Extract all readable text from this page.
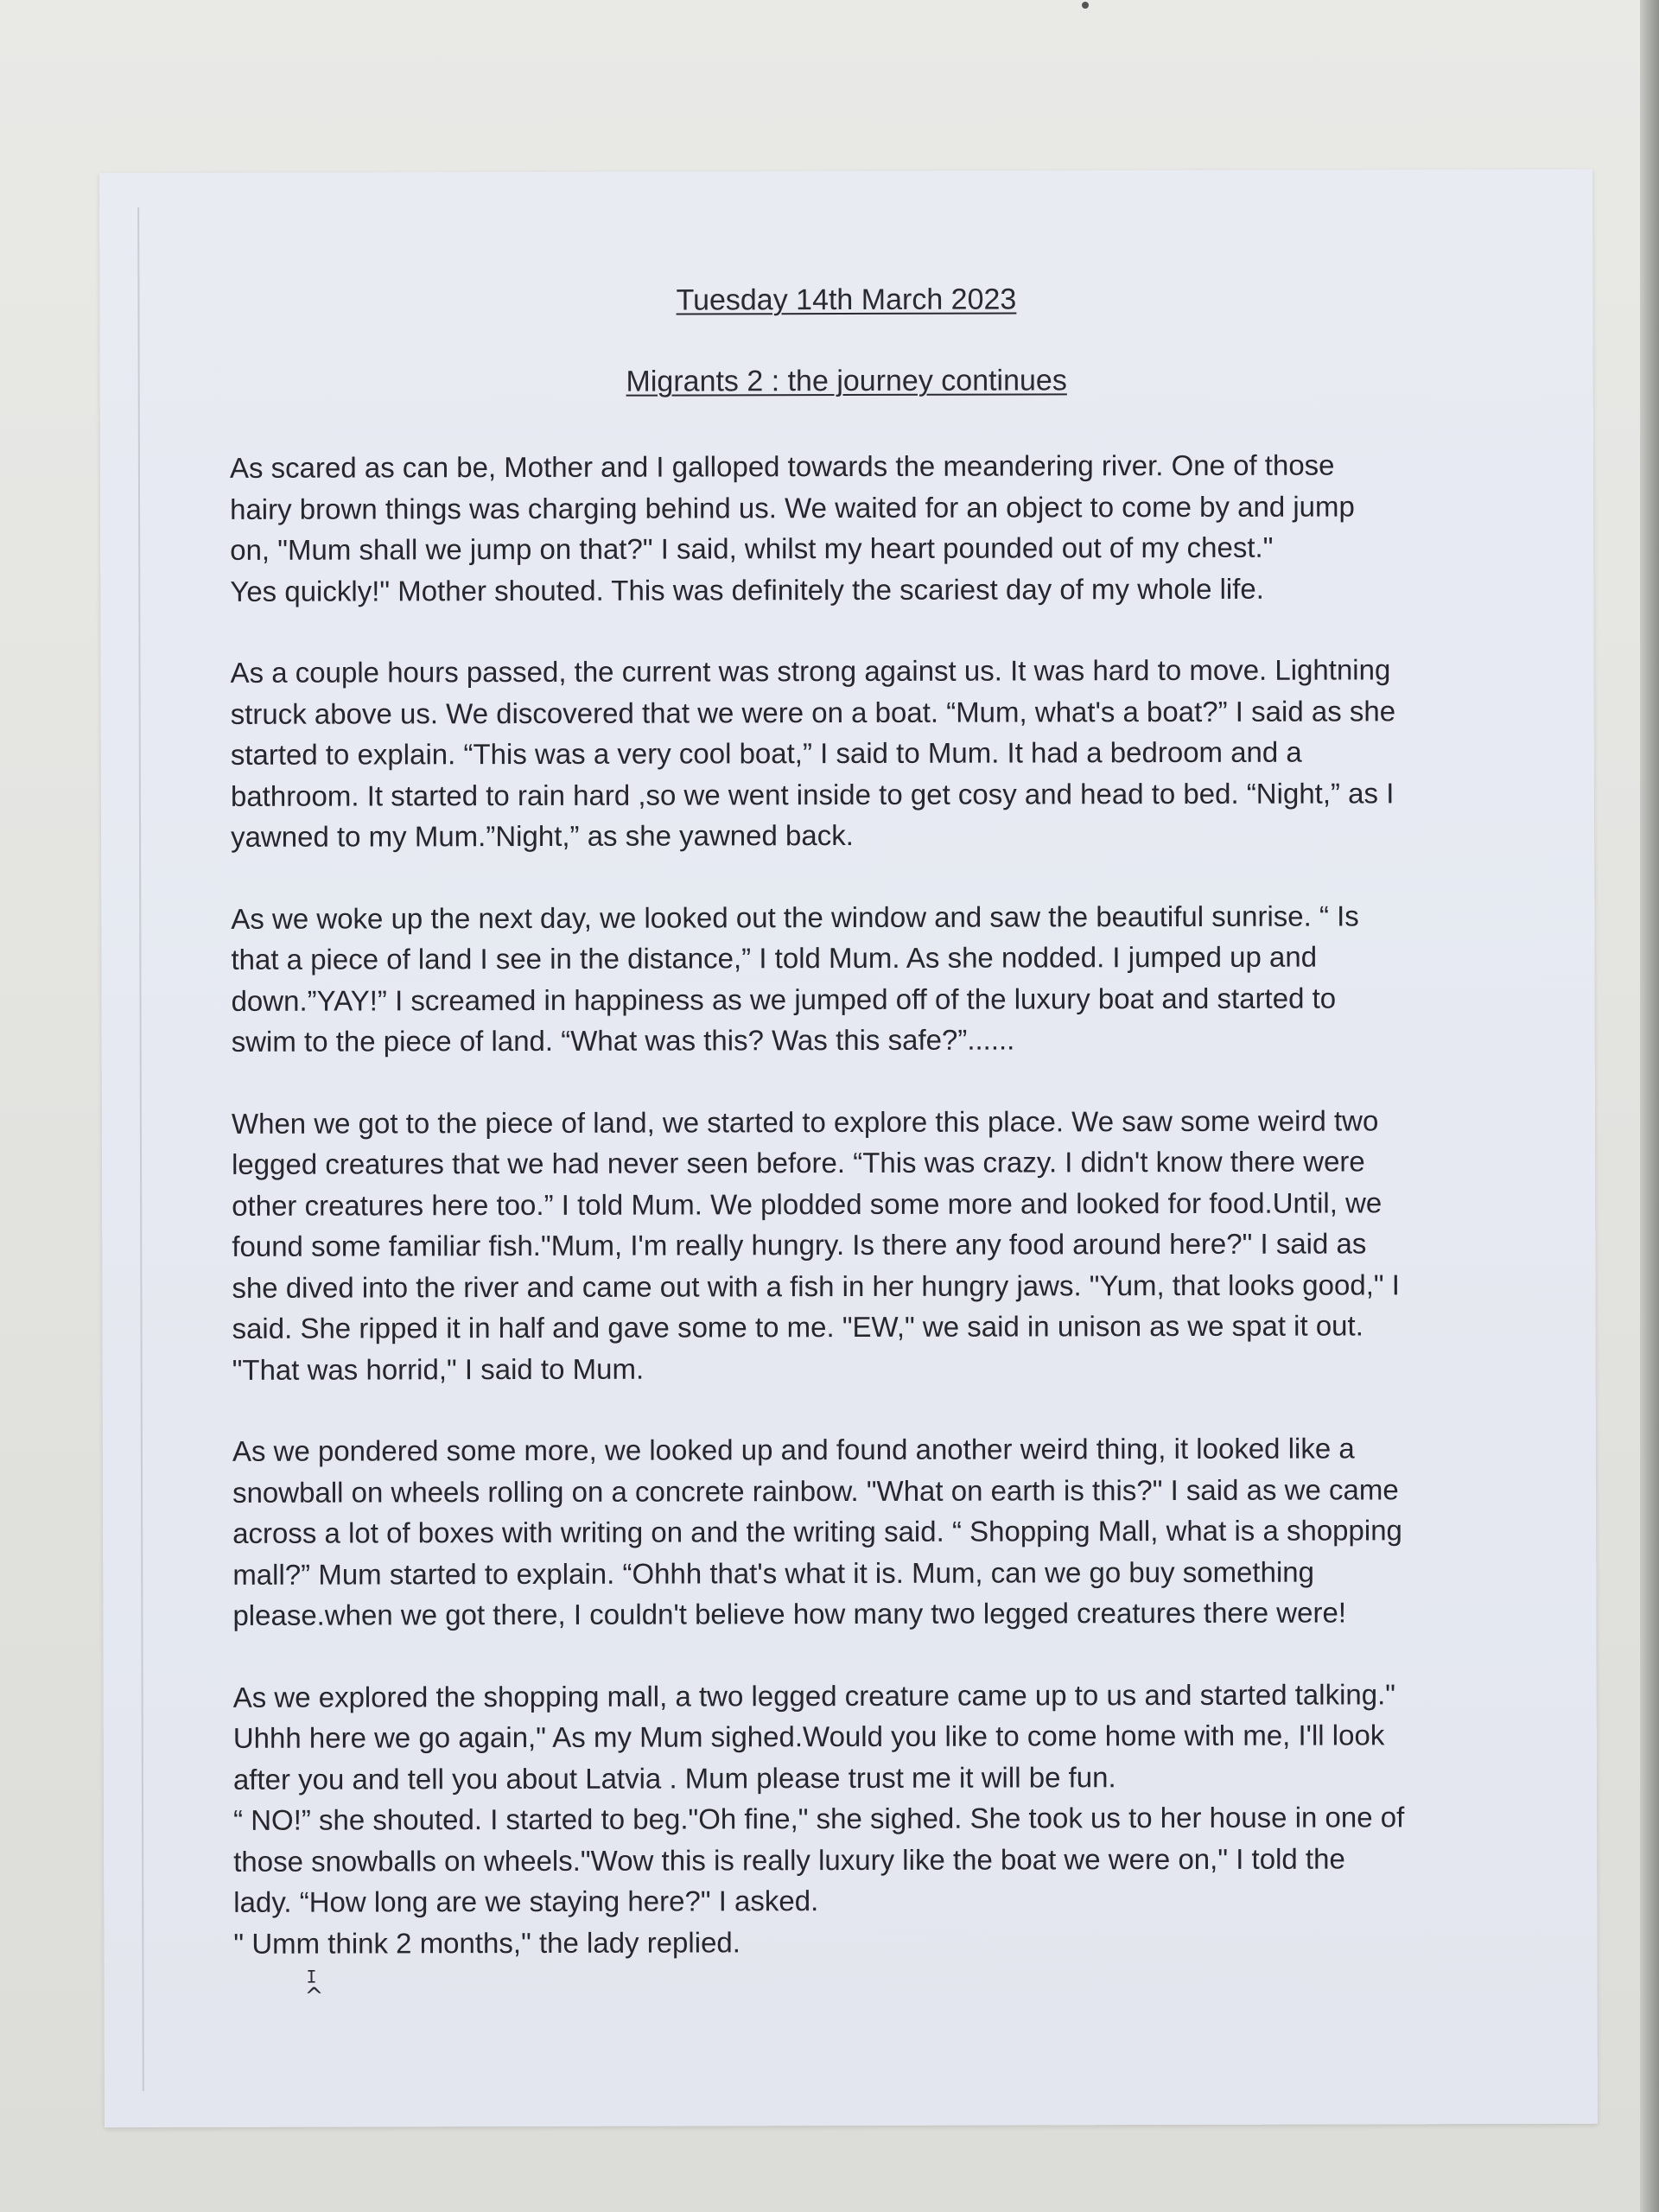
Tuesday 14th March 2023

Migrants 2 : the journey continues

As scared as can be, Mother and I galloped towards the meandering river. One of those
hairy brown things was charging behind us. We waited for an object to come by and jump
on, "Mum shall we jump on that?" I said, whilst my heart pounded out of my chest."
Yes quickly!" Mother shouted. This was definitely the scariest day of my whole life.

As a couple hours passed, the current was strong against us. It was hard to move. Lightning
struck above us. We discovered that we were on a boat. “Mum, what's a boat?” I said as she
started to explain. “This was a very cool boat,” I said to Mum. It had a bedroom and a
bathroom. It started to rain hard ,so we went inside to get cosy and head to bed. “Night,” as I
yawned to my Mum.”Night,” as she yawned back.

As we woke up the next day, we looked out the window and saw the beautiful sunrise. “ Is
that a piece of land I see in the distance,” I told Mum. As she nodded. I jumped up and
down.”YAY!” I screamed in happiness as we jumped off of the luxury boat and started to
swim to the piece of land. “What was this? Was this safe?”......

When we got to the piece of land, we started to explore this place. We saw some weird two
legged creatures that we had never seen before. “This was crazy. I didn't know there were
other creatures here too.” I told Mum. We plodded some more and looked for food.Until, we
found some familiar fish."Mum, I'm really hungry. Is there any food around here?" I said as
she dived into the river and came out with a fish in her hungry jaws. "Yum, that looks good," I
said. She ripped it in half and gave some to me. "EW," we said in unison as we spat it out.
"That was horrid," I said to Mum.

As we pondered some more, we looked up and found another weird thing, it looked like a
snowball on wheels rolling on a concrete rainbow. "What on earth is this?" I said as we came
across a lot of boxes with writing on and the writing said. “ Shopping Mall, what is a shopping
mall?” Mum started to explain. “Ohhh that's what it is. Mum, can we go buy something
please.when we got there, I couldn't believe how many two legged creatures there were!

As we explored the shopping mall, a two legged creature came up to us and started talking."
Uhhh here we go again," As my Mum sighed.Would you like to come home with me, I'll look
after you and tell you about Latvia . Mum please trust me it will be fun.
“ NO!” she shouted. I started to beg."Oh fine," she sighed. She took us to her house in one of
those snowballs on wheels."Wow this is really luxury like the boat we were on," I told the
lady. “How long are we staying here?" I asked.
" Umm think 2 months," the lady replied.

I
^
